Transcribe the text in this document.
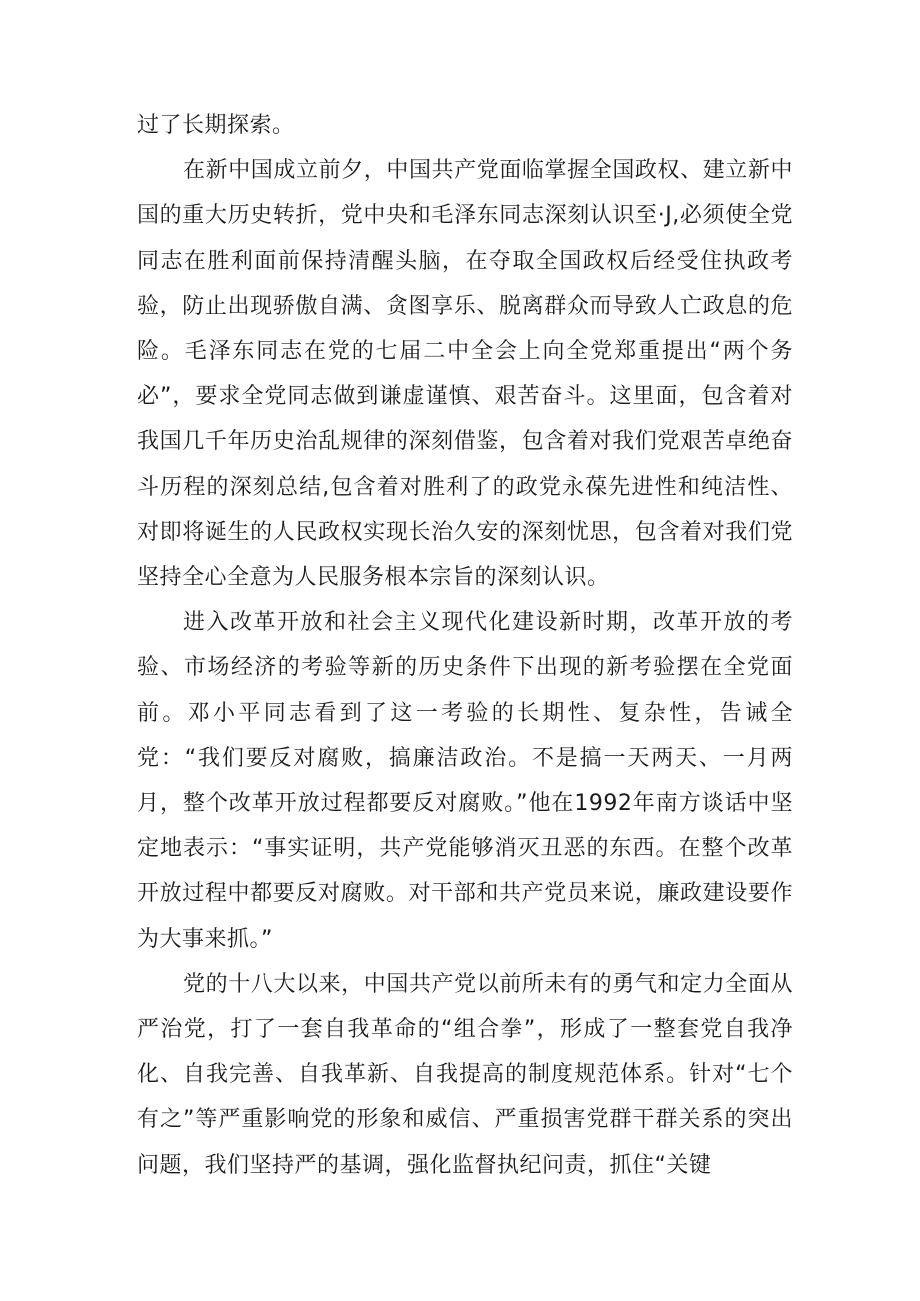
过了长期探索。

在新中国成立前夕，中国共产党面临掌握全国政权、建立新中国的重大历史转折，党中央和毛泽东同志深刻认识至·J,必须使全党同志在胜利面前保持清醒头脑，在夺取全国政权后经受住执政考验，防止出现骄傲自满、贪图享乐、脱离群众而导致人亡政息的危险。毛泽东同志在党的七届二中全会上向全党郑重提出“两个务必”，要求全党同志做到谦虚谨慎、艰苦奋斗。这里面，包含着对我国几千年历史治乱规律的深刻借鉴，包含着对我们党艰苦卓绝奋斗历程的深刻总结,包含着对胜利了的政党永葆先进性和纯洁性、对即将诞生的人民政权实现长治久安的深刻忧思，包含着对我们党坚持全心全意为人民服务根本宗旨的深刻认识。

进入改革开放和社会主义现代化建设新时期，改革开放的考验、市场经济的考验等新的历史条件下出现的新考验摆在全党面前。邓小平同志看到了这一考验的长期性、复杂性，告诫全党：“我们要反对腐败，搞廉洁政治。不是搞一天两天、一月两月，整个改革开放过程都要反对腐败。”他在1992年南方谈话中坚定地表示：“事实证明，共产党能够消灭丑恶的东西。在整个改革开放过程中都要反对腐败。对干部和共产党员来说，廉政建设要作为大事来抓。”

党的十八大以来，中国共产党以前所未有的勇气和定力全面从严治党，打了一套自我革命的“组合拳”，形成了一整套党自我净化、自我完善、自我革新、自我提高的制度规范体系。针对“七个有之”等严重影响党的形象和威信、严重损害党群干群关系的突出问题，我们坚持严的基调，强化监督执纪问责，抓住“关键
